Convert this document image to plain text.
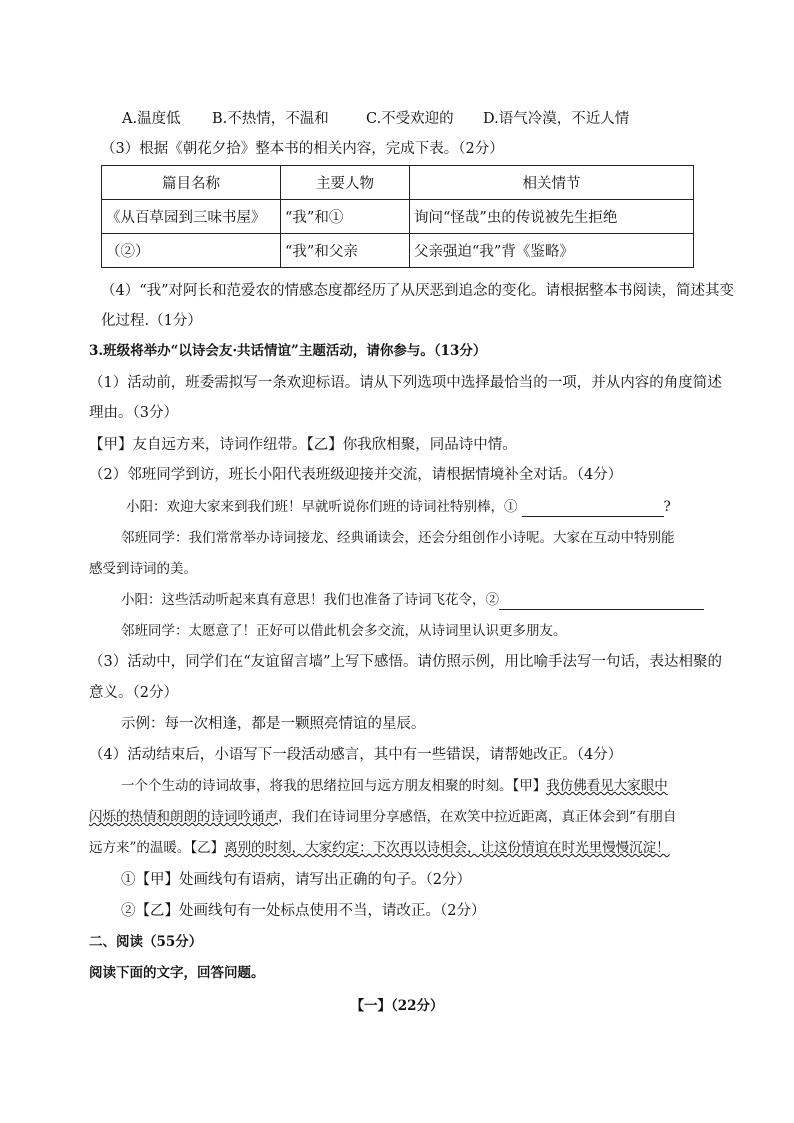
A.温度低 B.不热情，不温和	C.不受欢迎的 D.语气冷漠，不近人情
（3）根据《朝花夕拾》整本书的相关内容，完成下表。（2分）
篇目名称	主要人物	相关情节
《从百草园到三味书屋》	“我”和①	询问“怪哉”虫的传说被先生拒绝
（②）	“我”和父亲	父亲强迫“我”背《鉴略》
（4）“我”对阿长和范爱农的情感态度都经历了从厌恶到追念的变化。请根据整本书阅读，简述其变
化过程.（1分）
3.班级将举办“以诗会友·共话情谊”主题活动，请你参与。（13分）
（1）活动前，班委需拟写一条欢迎标语。请从下列选项中选择最恰当的一项，并从内容的角度简述
理由。（3分）
【甲】友自远方来，诗词作纽带。【乙】你我欣相聚，同品诗中情。
（2）邻班同学到访，班长小阳代表班级迎接并交流，请根据情境补全对话。（4分）
小阳：欢迎大家来到我们班！早就听说你们班的诗词社特别棒，①	?
邻班同学：我们常常举办诗词接龙、经典诵读会，还会分组创作小诗呢。大家在互动中特别能
感受到诗词的美。
小阳：这些活动听起来真有意思！我们也准备了诗词飞花令，②
邻班同学：太愿意了！正好可以借此机会多交流，从诗词里认识更多朋友。
（3）活动中，同学们在“友谊留言墙”上写下感悟。请仿照示例，用比喻手法写一句话，表达相聚的
意义。（2分）
示例：每一次相逢，都是一颗照亮情谊的星辰。
（4）活动结束后，小语写下一段活动感言，其中有一些错误，请帮她改正。（4分）
一个个生动的诗词故事，将我的思绪拉回与远方朋友相聚的时刻。【甲】我仿佛看见大家眼中
闪烁的热情和朗朗的诗词吟诵声，我们在诗词里分享感悟，在欢笑中拉近距离，真正体会到“有朋自
远方来”的温暖。【乙】离别的时刻，大家约定：下次再以诗相会，让这份情谊在时光里慢慢沉淀！
①【甲】处画线句有语病，请写出正确的句子。（2分）
②【乙】处画线句有一处标点使用不当，请改正。（2分）
二、阅读（55分）
阅读下面的文字，回答问题。
【一】（22分）
